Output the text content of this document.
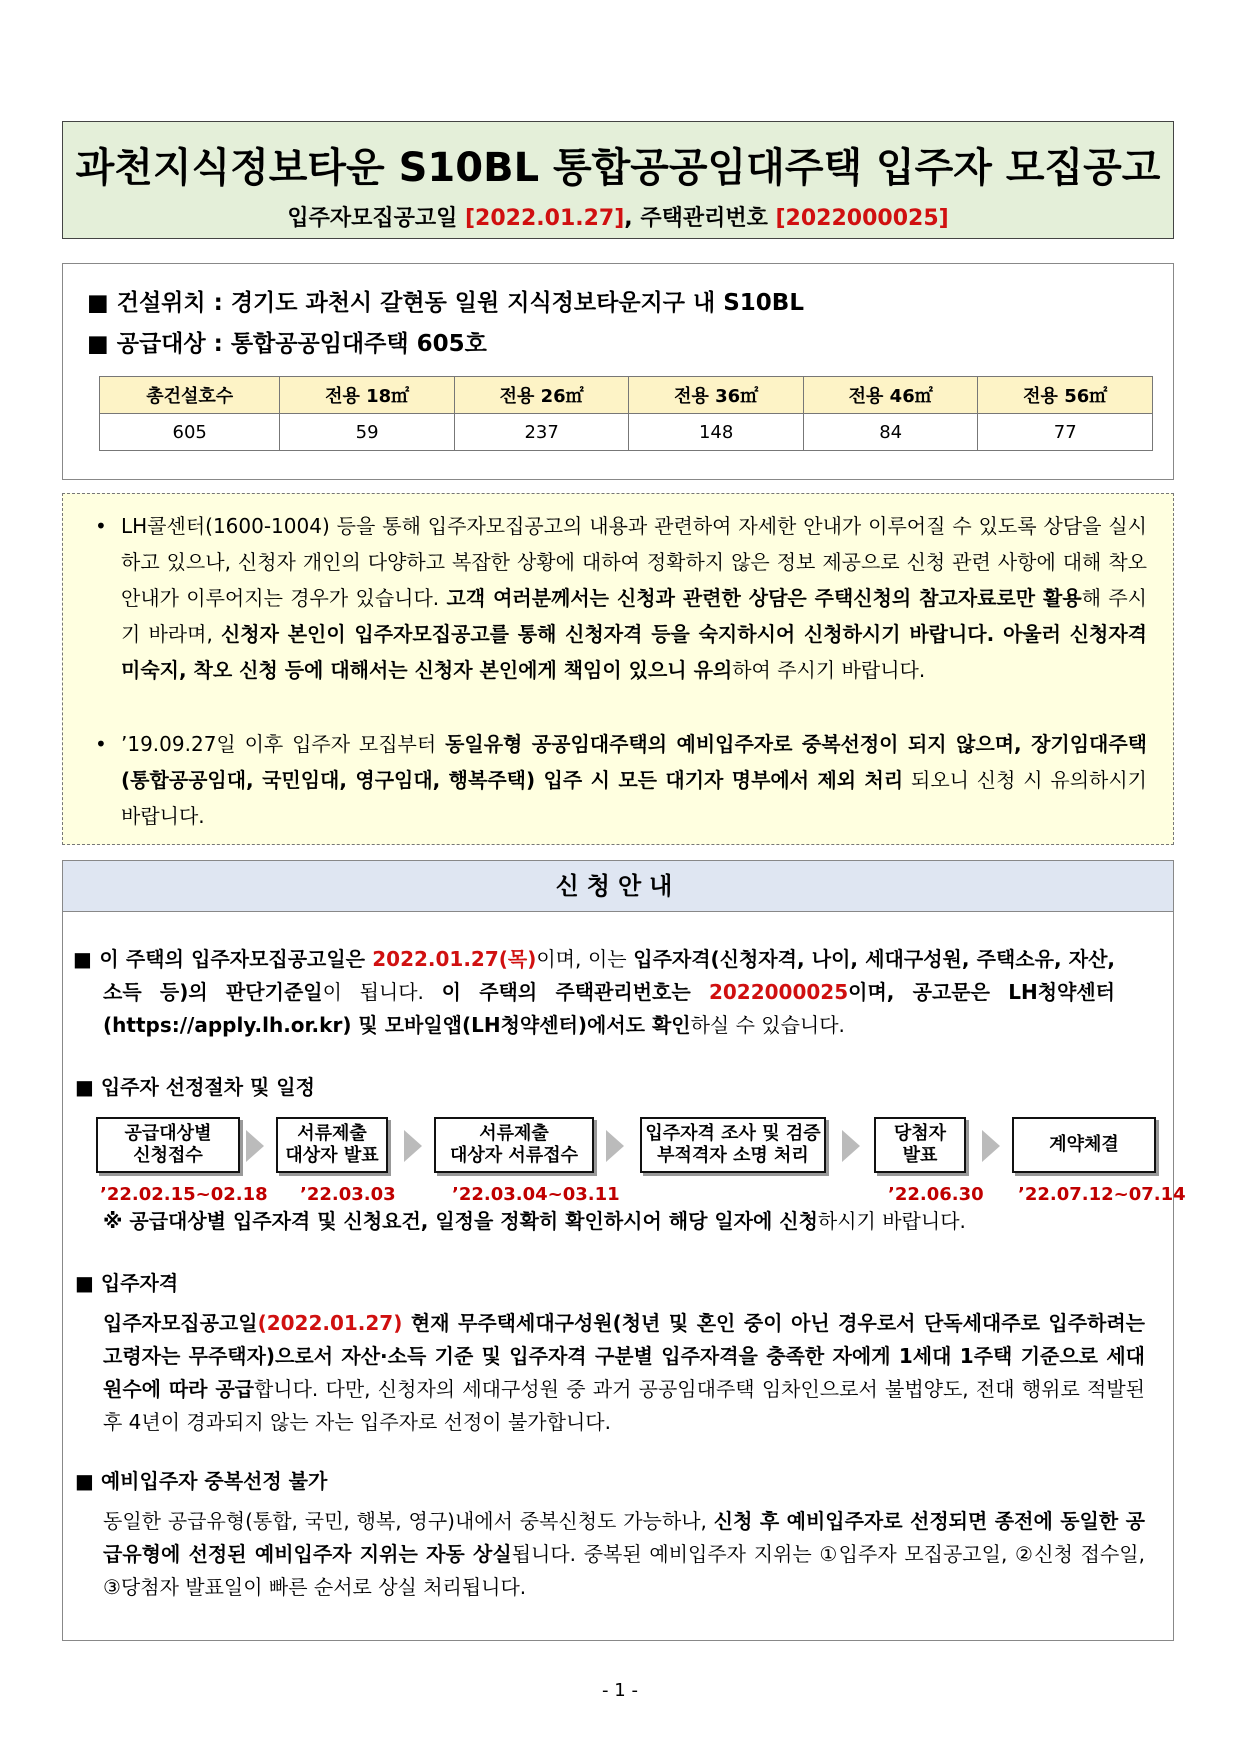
과천지식정보타운 S10BL 통합공공임대주택 입주자 모집공고
입주자모집공고일 [2022.01.27], 주택관리번호 [2022000025]
■ 건설위치 : 경기도 과천시 갈현동 일원 지식정보타운지구 내 S10BL
■ 공급대상 : 통합공공임대주택 605호
총건설호수	전용 18㎡	전용 26㎡	전용 36㎡	전용 46㎡	전용 56㎡
605	59	237	148	84	77
• LH콜센터(1600-1004) 등을 통해 입주자모집공고의 내용과 관련하여 자세한 안내가 이루어질 수 있도록 상담을 실시하고 있으나, 신청자 개인의 다양하고 복잡한 상황에 대하여 정확하지 않은 정보 제공으로 신청 관련 사항에 대해 착오 안내가 이루어지는 경우가 있습니다. 고객 여러분께서는 신청과 관련한 상담은 주택신청의 참고자료로만 활용해 주시기 바라며, 신청자 본인이 입주자모집공고를 통해 신청자격 등을 숙지하시어 신청하시기 바랍니다. 아울러 신청자격 미숙지, 착오 신청 등에 대해서는 신청자 본인에게 책임이 있으니 유의하여 주시기 바랍니다.
• ’19.09.27일 이후 입주자 모집부터 동일유형 공공임대주택의 예비입주자로 중복선정이 되지 않으며, 장기임대주택(통합공공임대, 국민임대, 영구임대, 행복주택) 입주 시 모든 대기자 명부에서 제외 처리 되오니 신청 시 유의하시기 바랍니다.
신청안내
■ 이 주택의 입주자모집공고일은 2022.01.27(목)이며, 이는 입주자격(신청자격, 나이, 세대구성원, 주택소유, 자산, 소득 등)의 판단기준일이 됩니다. 이 주택의 주택관리번호는 2022000025이며, 공고문은 LH청약센터(https://apply.lh.or.kr) 및 모바일앱(LH청약센터)에서도 확인하실 수 있습니다.
■ 입주자 선정절차 및 일정
※ 공급대상별 입주자격 및 신청요건, 일정을 정확히 확인하시어 해당 일자에 신청하시기 바랍니다.
■ 입주자격
입주자모집공고일(2022.01.27) 현재 무주택세대구성원(청년 및 혼인 중이 아닌 경우로서 단독세대주로 입주하려는 고령자는 무주택자)으로서 자산·소득 기준 및 입주자격 구분별 입주자격을 충족한 자에게 1세대 1주택 기준으로 세대원수에 따라 공급합니다. 다만, 신청자의 세대구성원 중 과거 공공임대주택 임차인으로서 불법양도, 전대 행위로 적발된 후 4년이 경과되지 않는 자는 입주자로 선정이 불가합니다.
■ 예비입주자 중복선정 불가
동일한 공급유형(통합, 국민, 행복, 영구)내에서 중복신청도 가능하나, 신청 후 예비입주자로 선정되면 종전에 동일한 공급유형에 선정된 예비입주자 지위는 자동 상실됩니다. 중복된 예비입주자 지위는 ①입주자 모집공고일, ②신청 접수일, ③당첨자 발표일이 빠른 순서로 상실 처리됩니다.
공급대상별
신청접수
서류제출
대상자 발표
서류제출
대상자 서류접수
입주자격 조사 및 검증
부적격자 소명 처리
당첨자
발표
계약체결
’22.02.15~02.18 ’22.03.03	’22.03.04~03.11	’22.06.30 ’22.07.12~07.14
- 1 -
